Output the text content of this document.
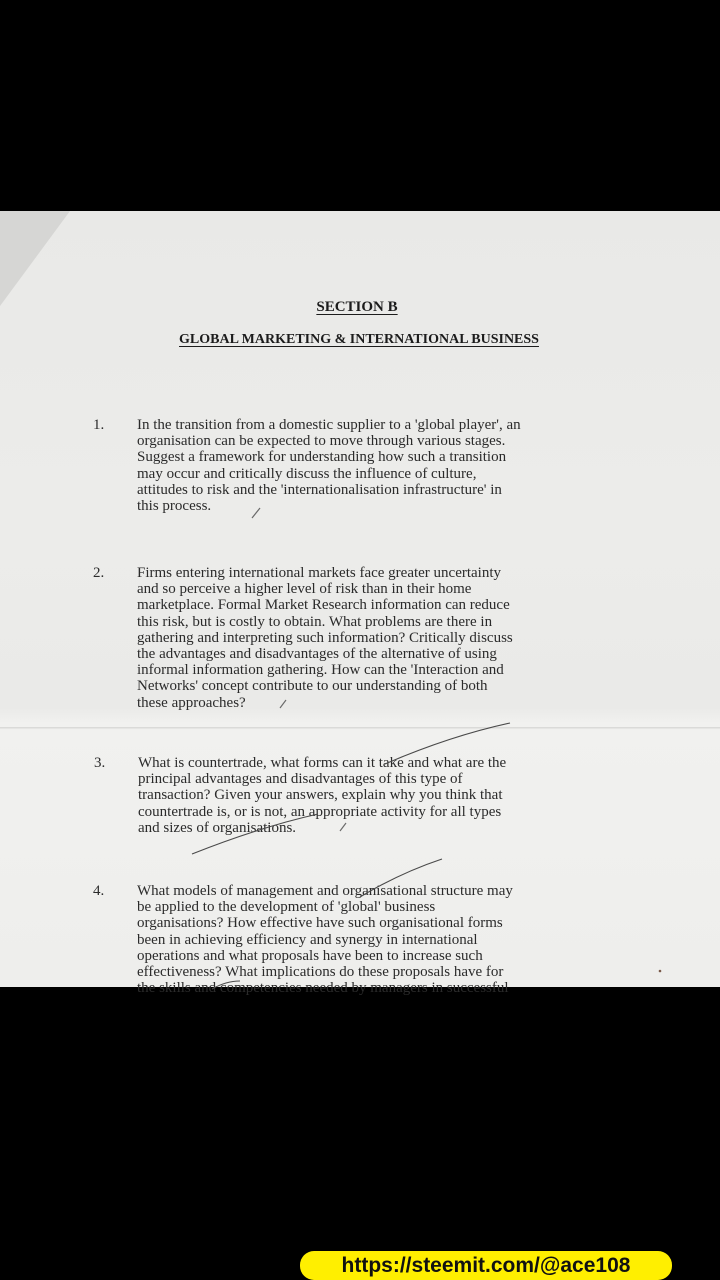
SECTION B
GLOBAL MARKETING & INTERNATIONAL BUSINESS
1. In the transition from a domestic supplier to a 'global player', an
organisation can be expected to move through various stages.
Suggest a framework for understanding how such a transition
may occur and critically discuss the influence of culture,
attitudes to risk and the 'internationalisation infrastructure' in
this process.
2. Firms entering international markets face greater uncertainty
and so perceive a higher level of risk than in their home
marketplace. Formal Market Research information can reduce
this risk, but is costly to obtain. What problems are there in
gathering and interpreting such information? Critically discuss
the advantages and disadvantages of the alternative of using
informal information gathering. How can the 'Interaction and
Networks' concept contribute to our understanding of both
these approaches?
3. What is countertrade, what forms can it take and what are the
principal advantages and disadvantages of this type of
transaction? Given your answers, explain why you think that
countertrade is, or is not, an appropriate activity for all types
and sizes of organisations.
4. What models of management and organisational structure may
be applied to the development of 'global' business
organisations? How effective have such organisational forms
been in achieving efficiency and synergy in international
operations and what proposals have been to increase such
effectiveness? What implications do these proposals have for
the skills and competencies needed by managers in successful
https://steemit.com/@ace108
